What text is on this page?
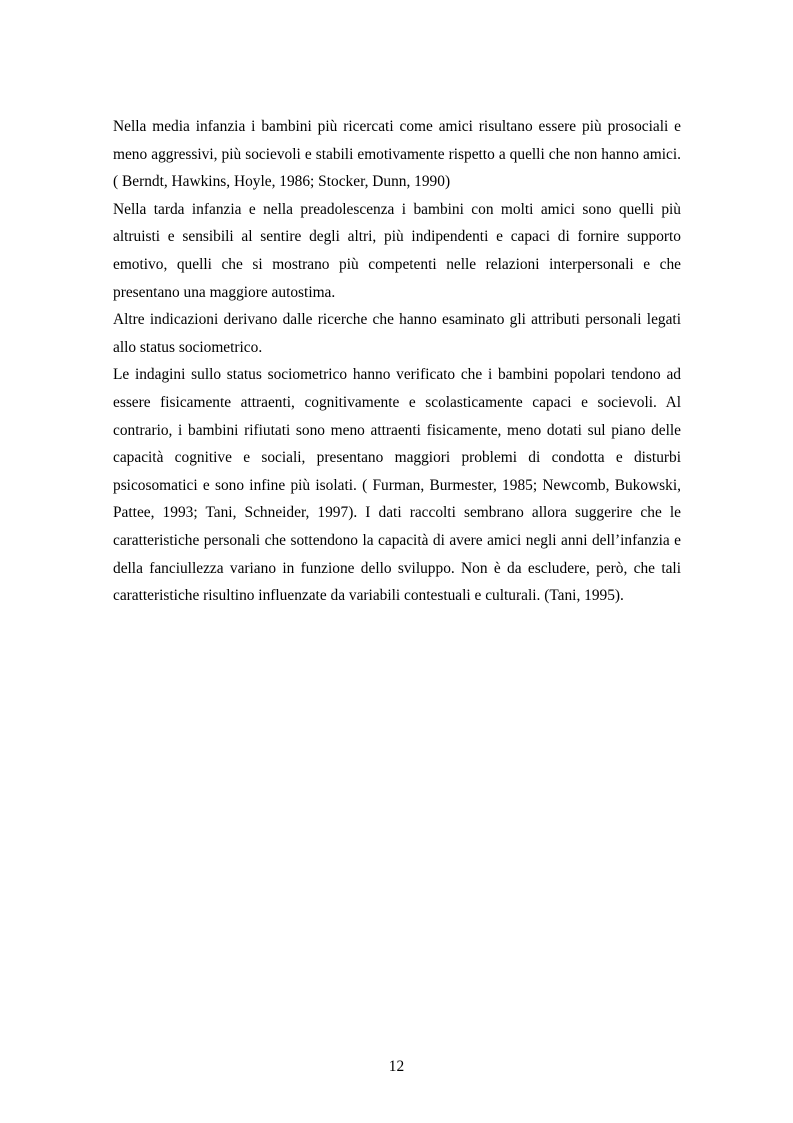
Nella media infanzia i bambini più ricercati come amici risultano essere più prosociali e meno aggressivi, più socievoli e stabili emotivamente rispetto a quelli che non hanno amici. ( Berndt, Hawkins, Hoyle, 1986; Stocker, Dunn, 1990)

Nella tarda infanzia e nella preadolescenza i bambini con molti amici sono quelli più altruisti e sensibili al sentire degli altri, più indipendenti e capaci di fornire supporto emotivo, quelli che si mostrano più competenti nelle relazioni interpersonali e che presentano una maggiore autostima.

Altre indicazioni derivano dalle ricerche che hanno esaminato gli attributi personali legati allo status sociometrico.

Le indagini sullo status sociometrico hanno verificato che i bambini popolari tendono ad essere fisicamente attraenti, cognitivamente e scolasticamente capaci e socievoli. Al contrario, i bambini rifiutati sono meno attraenti fisicamente, meno dotati sul piano delle capacità cognitive e sociali, presentano maggiori problemi di condotta e disturbi psicosomatici e sono infine più isolati. ( Furman, Burmester, 1985; Newcomb, Bukowski, Pattee, 1993; Tani, Schneider, 1997). I dati raccolti sembrano allora suggerire che le caratteristiche personali che sottendono la capacità di avere amici negli anni dell’infanzia e della fanciullezza variano in funzione dello sviluppo. Non è da escludere, però, che tali caratteristiche risultino influenzate da variabili contestuali e culturali. (Tani, 1995).

12
